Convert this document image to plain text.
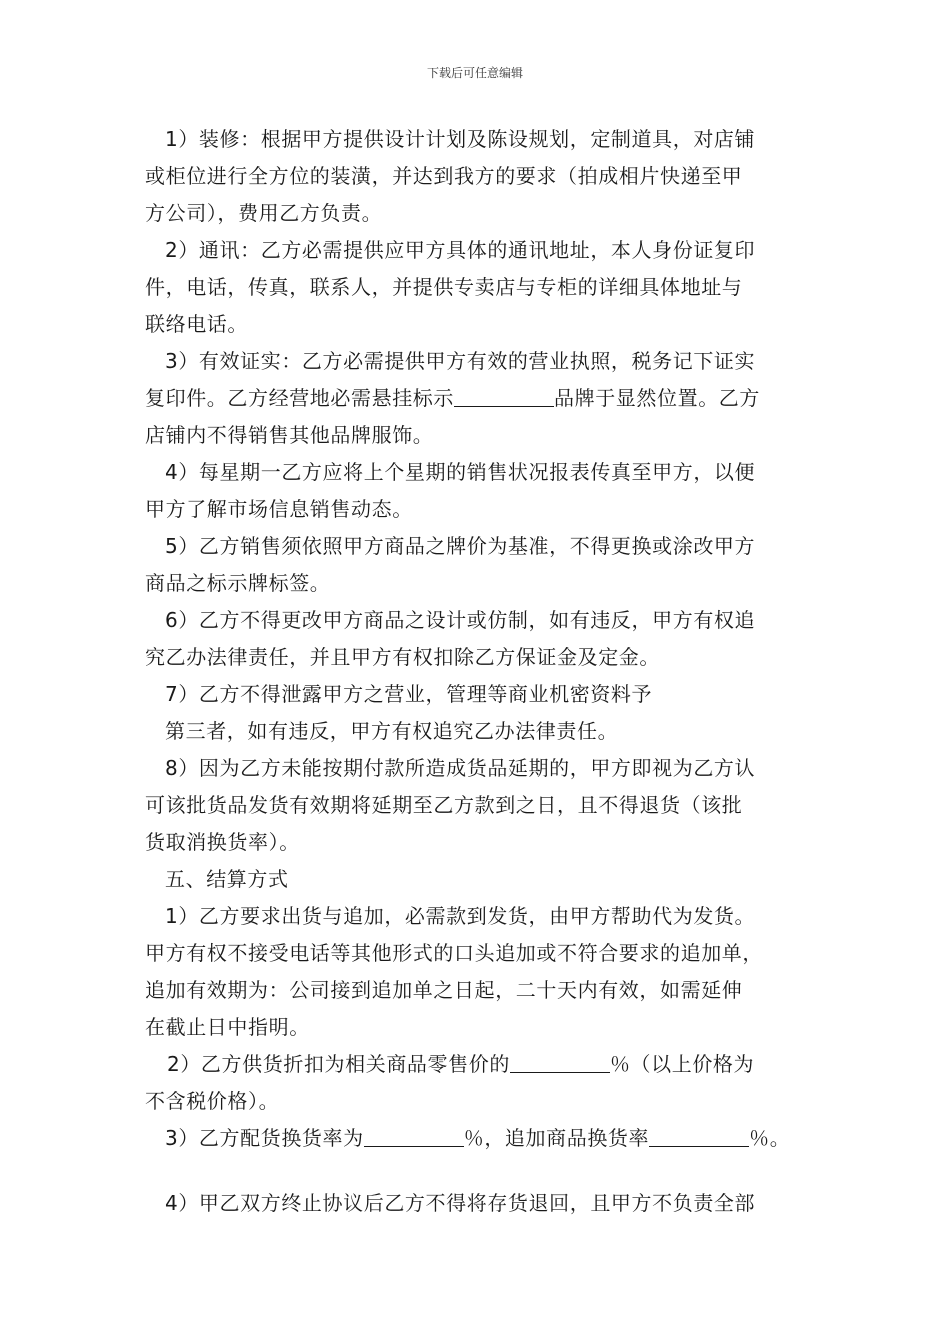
下载后可任意编辑
1）装修：根据甲方提供设计计划及陈设规划，定制道具，对店铺
或柜位进行全方位的装潢，并达到我方的要求（拍成相片快递至甲
方公司），费用乙方负责。
2）通讯：乙方必需提供应甲方具体的通讯地址，本人身份证复印
件，电话，传真，联系人，并提供专卖店与专柜的详细具体地址与
联络电话。
3）有效证实：乙方必需提供甲方有效的营业执照，税务记下证实
复印件。乙方经营地必需悬挂标示	品牌于显然位置。乙方
店铺内不得销售其他品牌服饰。
4）每星期一乙方应将上个星期的销售状况报表传真至甲方，以便
甲方了解市场信息销售动态。
5）乙方销售须依照甲方商品之牌价为基准，不得更换或涂改甲方
商品之标示牌标签。
6）乙方不得更改甲方商品之设计或仿制，如有违反，甲方有权追
究乙办法律责任，并且甲方有权扣除乙方保证金及定金。
7）乙方不得泄露甲方之营业，管理等商业机密资料予
第三者，如有违反，甲方有权追究乙办法律责任。
8）因为乙方未能按期付款所造成货品延期的，甲方即视为乙方认
可该批货品发货有效期将延期至乙方款到之日，且不得退货（该批
货取消换货率）。
五、结算方式
1）乙方要求出货与追加，必需款到发货，由甲方帮助代为发货。
甲方有权不接受电话等其他形式的口头追加或不符合要求的追加单，
追加有效期为：公司接到追加单之日起，二十天内有效，如需延伸
在截止日中指明。
2）乙方供货折扣为相关商品零售价的	％（以上价格为
不含税价格）。
3）乙方配货换货率为	％，追加商品换货率	％。
4）甲乙双方终止协议后乙方不得将存货退回，且甲方不负责全部
